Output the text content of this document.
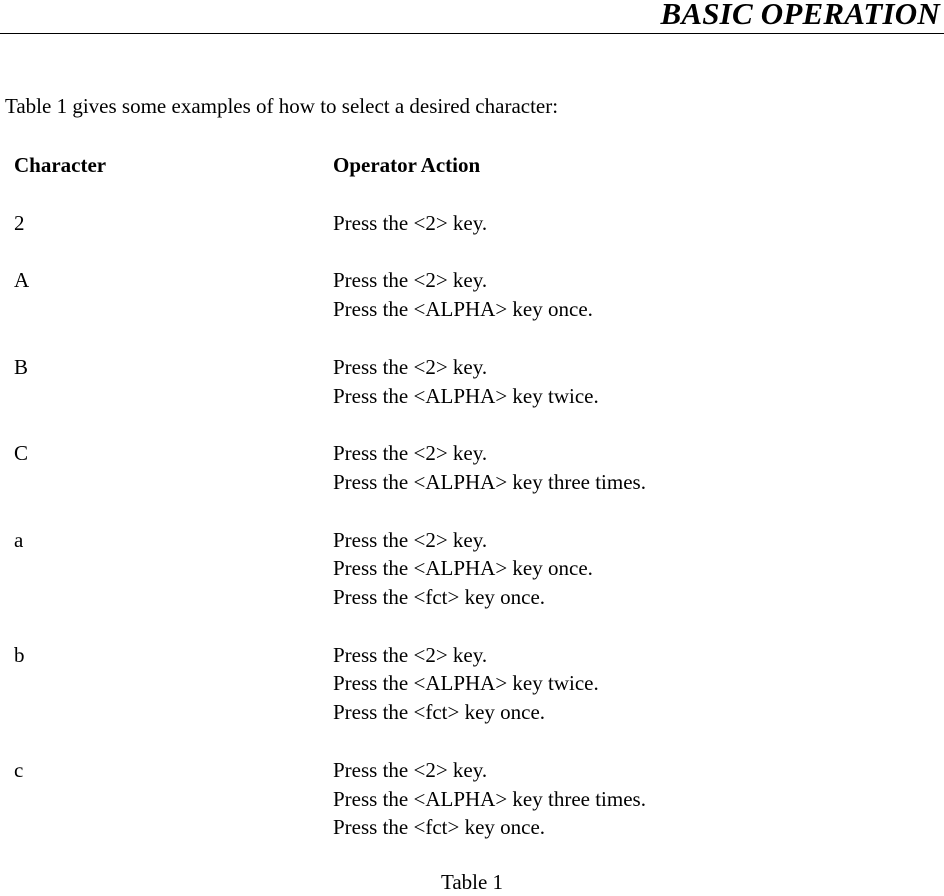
BASIC OPERATION
Table 1 gives some examples of how to select a desired character:
Character	Operator Action
2	Press the <2> key.
A	Press the <2> key.
Press the <ALPHA> key once.
B	Press the <2> key.
Press the <ALPHA> key twice.
C	Press the <2> key.
Press the <ALPHA> key three times.
a	Press the <2> key.
Press the <ALPHA> key once.
Press the <fct> key once.
b	Press the <2> key.
Press the <ALPHA> key twice.
Press the <fct> key once.
c	Press the <2> key.
Press the <ALPHA> key three times.
Press the <fct> key once.
Table 1
